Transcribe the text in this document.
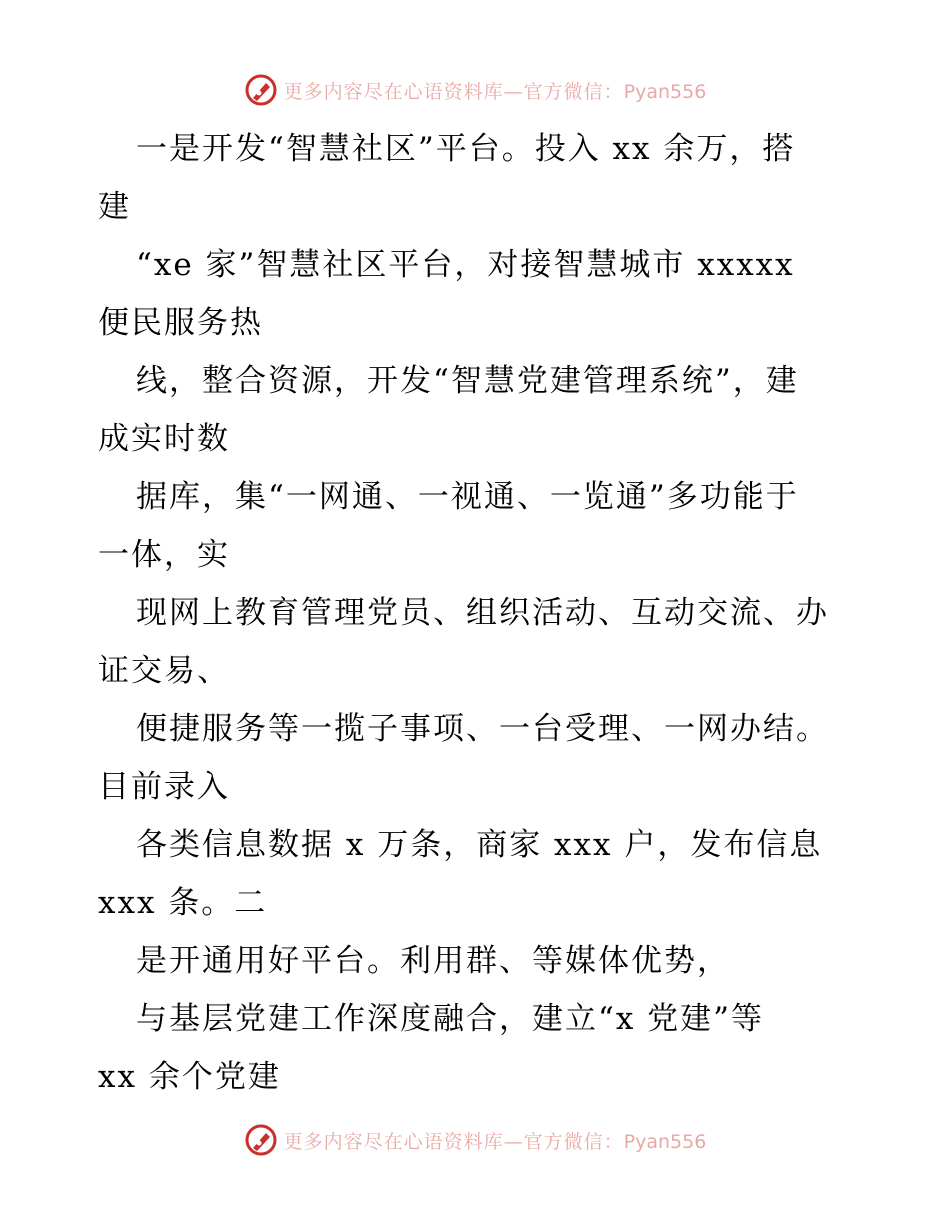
更多内容尽在心语资料库—官方微信：Pyan556
一是开发“智慧社区”平台。投入 xx 余万，搭
建
“xe 家”智慧社区平台，对接智慧城市 xxxxx
便民服务热
线，整合资源，开发“智慧党建管理系统”，建
成实时数
据库，集“一网通、一视通、一览通”多功能于
一体，实
现网上教育管理党员、组织活动、互动交流、办
证交易、
便捷服务等一揽子事项、一台受理、一网办结。
目前录入
各类信息数据 x 万条，商家 xxx 户，发布信息
xxx 条。二
是开通用好平台。利用群、等媒体优势，
与基层党建工作深度融合，建立“x 党建”等
xx 余个党建
更多内容尽在心语资料库—官方微信：Pyan556
